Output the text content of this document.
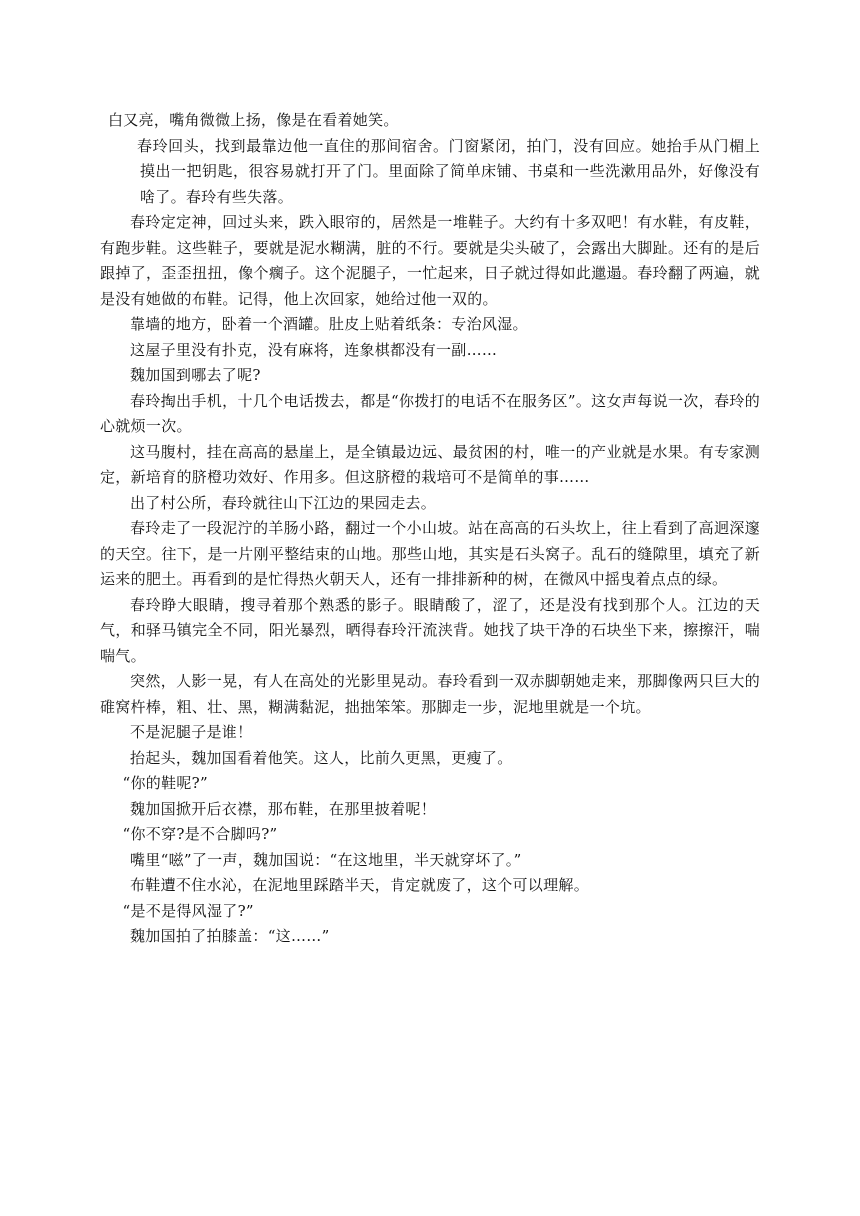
白又亮，嘴角微微上扬，像是在看着她笑。

春玲回头，找到最靠边他一直住的那间宿舍。门窗紧闭，拍门，没有回应。她抬手从门楣上摸出一把钥匙，很容易就打开了门。里面除了简单床铺、书桌和一些洗漱用品外，好像没有啥了。春玲有些失落。

春玲定定神，回过头来，跌入眼帘的，居然是一堆鞋子。大约有十多双吧！有水鞋，有皮鞋，有跑步鞋。这些鞋子，要就是泥水糊满，脏的不行。要就是尖头破了，会露出大脚趾。还有的是后跟掉了，歪歪扭扭，像个瘸子。这个泥腿子，一忙起来，日子就过得如此邋遢。春玲翻了两遍，就是没有她做的布鞋。记得，他上次回家，她给过他一双的。

靠墙的地方，卧着一个酒罐。肚皮上贴着纸条：专治风湿。

这屋子里没有扑克，没有麻将，连象棋都没有一副……

魏加国到哪去了呢?

春玲掏出手机，十几个电话拨去，都是“你拨打的电话不在服务区”。这女声每说一次，春玲的心就烦一次。

这马腹村，挂在高高的悬崖上，是全镇最边远、最贫困的村，唯一的产业就是水果。有专家测定，新培育的脐橙功效好、作用多。但这脐橙的栽培可不是简单的事……

出了村公所，春玲就往山下江边的果园走去。

春玲走了一段泥泞的羊肠小路，翻过一个小山坡。站在高高的石头坎上，往上看到了高迥深邃的天空。往下，是一片刚平整结束的山地。那些山地，其实是石头窝子。乱石的缝隙里，填充了新运来的肥土。再看到的是忙得热火朝天人，还有一排排新种的树，在微风中摇曳着点点的绿。

春玲睁大眼睛，搜寻着那个熟悉的影子。眼睛酸了，涩了，还是没有找到那个人。江边的天气，和驿马镇完全不同，阳光暴烈，晒得春玲汗流浃背。她找了块干净的石块坐下来，擦擦汗，喘喘气。

突然，人影一晃，有人在高处的光影里晃动。春玲看到一双赤脚朝她走来，那脚像两只巨大的碓窝杵棒，粗、壮、黑，糊满黏泥，拙拙笨笨。那脚走一步，泥地里就是一个坑。

不是泥腿子是谁！

抬起头，魏加国看着他笑。这人，比前久更黑，更瘦了。

“你的鞋呢?”

魏加国掀开后衣襟，那布鞋，在那里披着呢！

“你不穿?是不合脚吗?”

嘴里“嗞”了一声，魏加国说：“在这地里，半天就穿坏了。”

布鞋遭不住水沁，在泥地里踩踏半天，肯定就废了，这个可以理解。

“是不是得风湿了?”

魏加国拍了拍膝盖：“这……”
